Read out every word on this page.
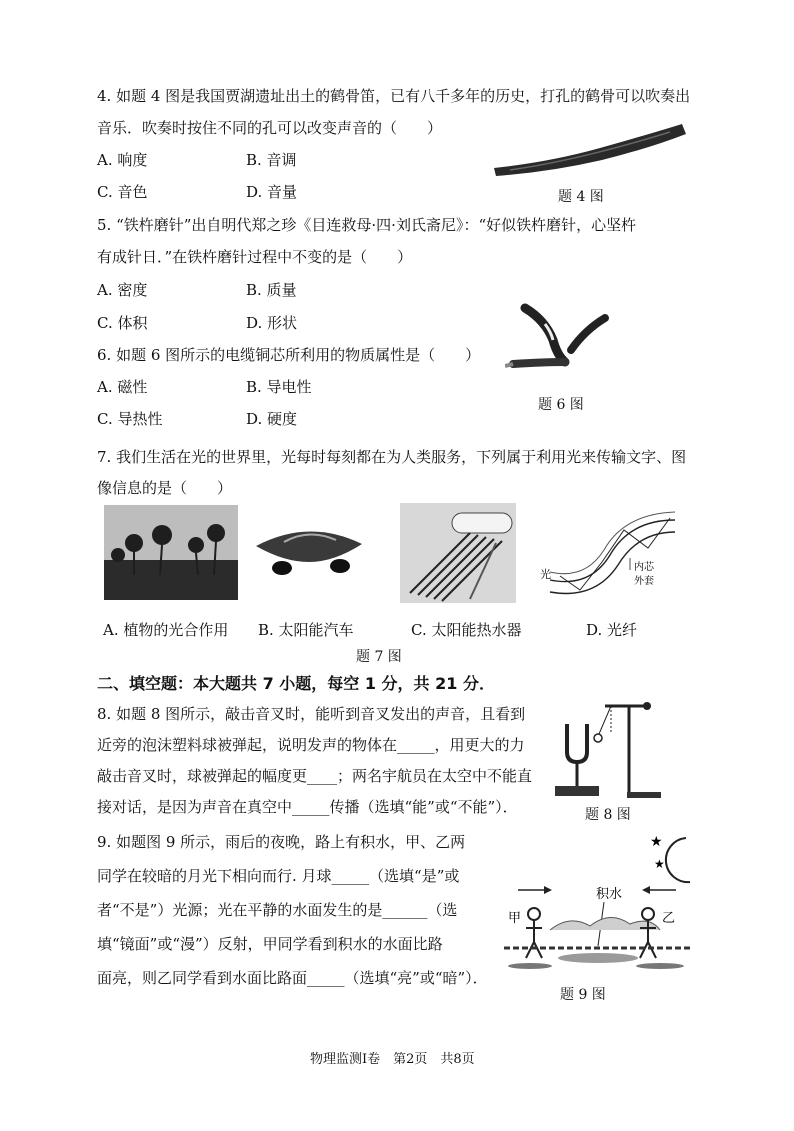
4. 如题 4 图是我国贾湖遗址出土的鹤骨笛，已有八千多年的历史，打孔的鹤骨可以吹奏出
音乐．吹奏时按住不同的孔可以改变声音的（　　）
A. 响度	B. 音调
C. 音色	D. 音量	题 4 图
5. “铁杵磨针”出自明代郑之珍《目连救母·四·刘氏斋尼》：“好似铁杵磨针，心坚杵
有成针日．”在铁杵磨针过程中不变的是（　　）
A. 密度	B. 质量
C. 体积	D. 形状
6. 如题 6 图所示的电缆铜芯所利用的物质属性是（　　）
A. 磁性	B. 导电性
C. 导热性	D. 硬度
题 6 图
7. 我们生活在光的世界里，光每时每刻都在为人类服务，下列属于利用光来传输文字、图
像信息的是（　　）
光
内芯
外套
A. 植物的光合作用 B. 太阳能汽车	C. 太阳能热水器	D. 光纤
题 7 图
二、填空题：本大题共 7 小题，每空 1 分，共 21 分．
8. 如题 8 图所示，敲击音叉时，能听到音叉发出的声音，且看到
近旁的泡沫塑料球被弹起，说明发声的物体在_____，用更大的力
敲击音叉时，球被弹起的幅度更____；两名宇航员在太空中不能直
接对话，是因为声音在真空中_____传播（选填“能”或“不能”）．	题 8 图
9. 如题图 9 所示，雨后的夜晚，路上有积水，甲、乙两
同学在较暗的月光下相向而行. 月球_____（选填“是”或
者“不是”）光源；光在平静的水面发生的是______（选
填“镜面”或“漫”）反射，甲同学看到积水的水面比路
面亮，则乙同学看到水面比路面_____（选填“亮”或“暗”）．
★
★
甲	乙
积水
题 9 图
物理监测Ⅰ卷　第2页　共8页
